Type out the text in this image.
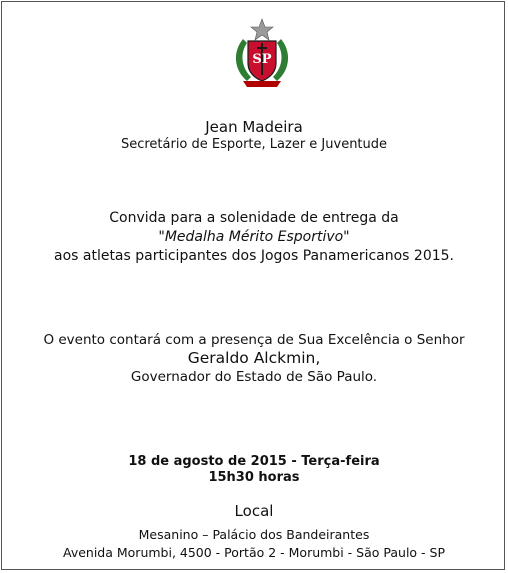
SP
Jean Madeira
Secretário de Esporte, Lazer e Juventude
Convida para a solenidade de entrega da
"Medalha Mérito Esportivo"
aos atletas participantes dos Jogos Panamericanos 2015.
O evento contará com a presença de Sua Excelência o Senhor
Geraldo Alckmin,
Governador do Estado de São Paulo.
18 de agosto de 2015 - Terça-feira
15h30 horas
Local
Mesanino – Palácio dos Bandeirantes
Avenida Morumbi, 4500 - Portão 2 - Morumbi - São Paulo - SP
